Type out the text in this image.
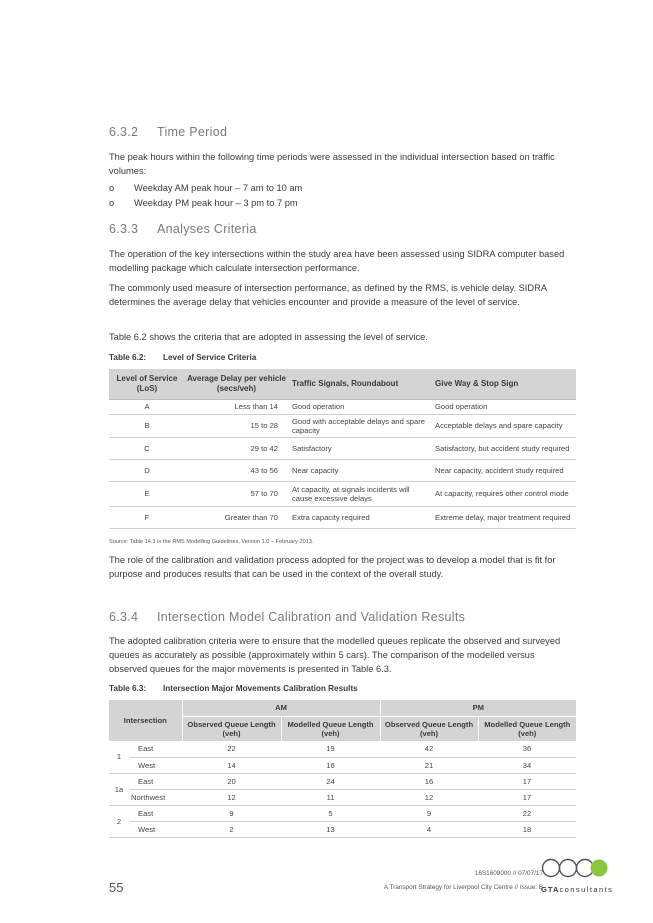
6.3.2 Time Period

The peak hours within the following time periods were assessed in the individual intersection based on traffic volumes:

o Weekday AM peak hour – 7 am to 10 am
o Weekday PM peak hour – 3 pm to 7 pm
6.3.3 Analyses Criteria

The operation of the key intersections within the study area have been assessed using SIDRA computer based modelling package which calculate intersection performance.

The commonly used measure of intersection performance, as defined by the RMS, is vehicle delay. SIDRA determines the average delay that vehicles encounter and provide a measure of the level of service.

Table 6.2 shows the criteria that are adopted in assessing the level of service.

Table 6.2: Level of Service Criteria
Level of Service (LoS)	Average Delay per vehicle (secs/veh)	Traffic Signals, Roundabout	Give Way & Stop Sign
A	Less than 14	Good operation	Good operation
B	15 to 28	Good with acceptable delays and spare capacity	Acceptable delays and spare capacity
C	29 to 42	Satisfactory	Satisfactory, but accident study required
D	43 to 56	Near capacity	Near capacity, accident study required
E	57 to 70	At capacity, at signals incidents will cause excessive delays	At capacity, requires other control mode
F	Greater than 70	Extra capacity required	Extreme delay, major treatment required
Source: Table 14.3 in the RMS Modelling Guidelines, Version 1.0 – February 2013.

The role of the calibration and validation process adopted for the project was to develop a model that is fit for purpose and produces results that can be used in the context of the overall study.

6.3.4 Intersection Model Calibration and Validation Results

The adopted calibration criteria were to ensure that the modelled queues replicate the observed and surveyed queues as accurately as possible (approximately within 5 cars). The comparison of the modelled versus observed queues for the major movements is presented in Table 6.3.

Table 6.3: Intersection Major Movements Calibration Results
Intersection		AM		PM	
		Observed Queue Length (veh)	Modelled Queue Length (veh)	Observed Queue Length (veh)	Modelled Queue Length (veh)
1	East	22	19	42	36
	West	14	16	21	34
1a	East	20	24	16	17
	Northwest	12	11	12	17
2	East	9	5	9	22
	West	2	13	4	18
16S1609000 // 07/07/17
A Transport Strategy for Liverpool City Centre // Issue: B
55	GTAconsultants
